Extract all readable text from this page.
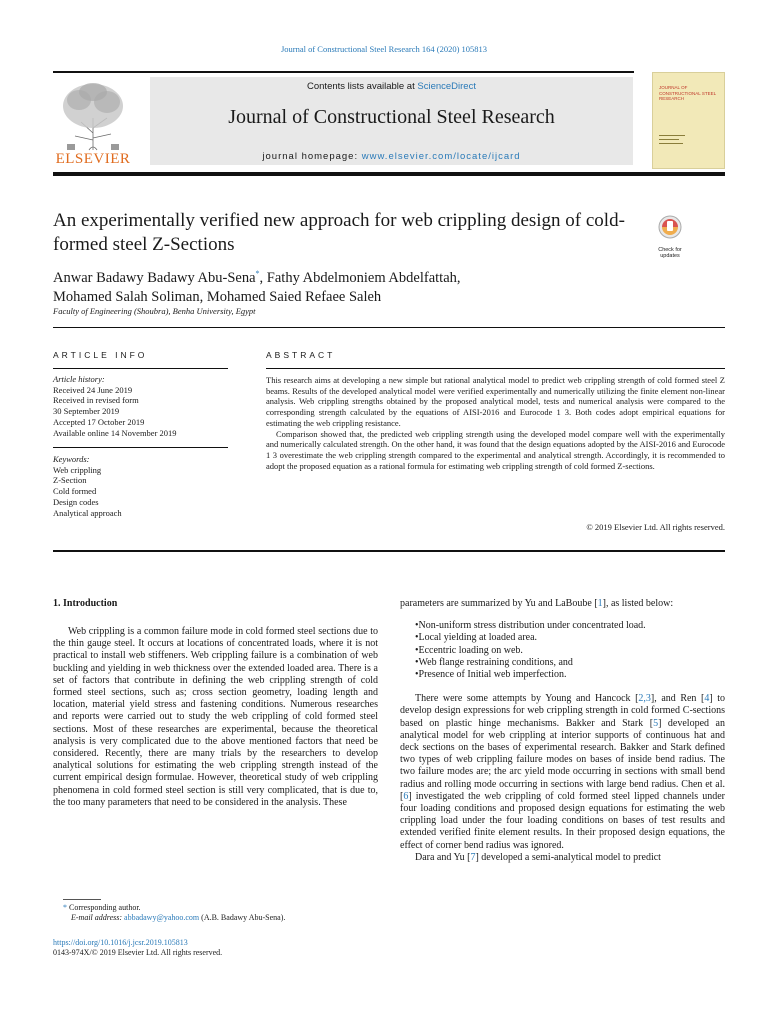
Journal of Constructional Steel Research 164 (2020) 105813
Contents lists available at ScienceDirect
Journal of Constructional Steel Research
journal homepage: www.elsevier.com/locate/ijcard
ELSEVIER
JOURNAL OF CONSTRUCTIONAL STEEL RESEARCH
An experimentally verified new approach for web crippling design of cold-formed steel Z-Sections	Check for updates
Anwar Badawy Badawy Abu-Sena*, Fathy Abdelmoniem Abdelfattah,
Mohamed Salah Soliman, Mohamed Saied Refaee Saleh
Faculty of Engineering (Shoubra), Benha University, Egypt
ARTICLE INFO
Article history:
Received 24 June 2019
Received in revised form
30 September 2019
Accepted 17 October 2019
Available online 14 November 2019
Keywords:
Web crippling
Z-Section
Cold formed
Design codes
Analytical approach
ABSTRACT

This research aims at developing a new simple but rational analytical model to predict web crippling strength of cold formed steel Z beams. Results of the developed analytical model were verified experimentally and numerically utilizing the finite element non-linear analysis. Web crippling strengths obtained by the proposed analytical model, tests and numerical analysis were compared to the corresponding strength calculated by the equations of AISI-2016 and Eurocode 1 3. Both codes adopt empirical equations for estimating the web crippling resistance.

Comparison showed that, the predicted web crippling strength using the developed model compare well with the experimentally and numerically calculated strength. On the other hand, it was found that the design equations adopted by the AISI-2016 and Eurocode 1 3 overestimate the web crippling strength compared to the experimental and analytical strength. Accordingly, it is recommended to adopt the proposed equation as a rational formula for estimating web crippling strength of cold formed Z-sections.

© 2019 Elsevier Ltd. All rights reserved.
1. Introduction

Web crippling is a common failure mode in cold formed steel sections due to the thin gauge steel. It occurs at locations of concentrated loads, where it is not practical to install web stiffeners. Web crippling failure is a combination of web buckling and yielding in web thickness over the extended loaded area. There is a set of factors that contribute in defining the web crippling strength of cold formed steel sections, such as; cross section geometry, loading length and location, material yield stress and fastening conditions. Numerous researches and reports were carried out to study the web crippling of cold formed steel sections. Most of these researches are experimental, because the theoretical analysis is very complicated due to the above mentioned factors that need be considered. Recently, there are many trials by the researchers to develop analytical solutions for estimating the web crippling strength instead of the current empirical design formulae. However, theoretical study of web crippling phenomena in cold formed steel section is still very complicated, that is due to, the too many parameters that need to be considered in the analysis. These

parameters are summarized by Yu and LaBoube [1], as listed below:
•Non-uniform stress distribution under concentrated load.
•Local yielding at loaded area.
•Eccentric loading on web.
•Web flange restraining conditions, and
•Presence of Initial web imperfection.

There were some attempts by Young and Hancock [2,3], and Ren [4] to develop design expressions for web crippling strength in cold formed C-sections based on plastic hinge mechanisms. Bakker and Stark [5] developed an analytical model for web crippling at interior supports of continuous hat and deck sections on the bases of experimental research. Bakker and Stark defined two types of web crippling failure modes on bases of inside bend radius. The two failure modes are; the arc yield mode occurring in sections with small bend radius and rolling mode occurring in sections with large bend radius. Chen et al. [6] investigated the web crippling of cold formed steel lipped channels under four loading conditions and proposed design equations for estimating the web crippling load under the four loading conditions on bases of test results and extended verified finite element results. In their proposed design equations, the effect of corner bend radius was ignored.

Dara and Yu [7] developed a semi-analytical model to predict

* Corresponding author.
E-mail address: abbadawy@yahoo.com (A.B. Badawy Abu-Sena).
https://doi.org/10.1016/j.jcsr.2019.105813
0143-974X/© 2019 Elsevier Ltd. All rights reserved.
